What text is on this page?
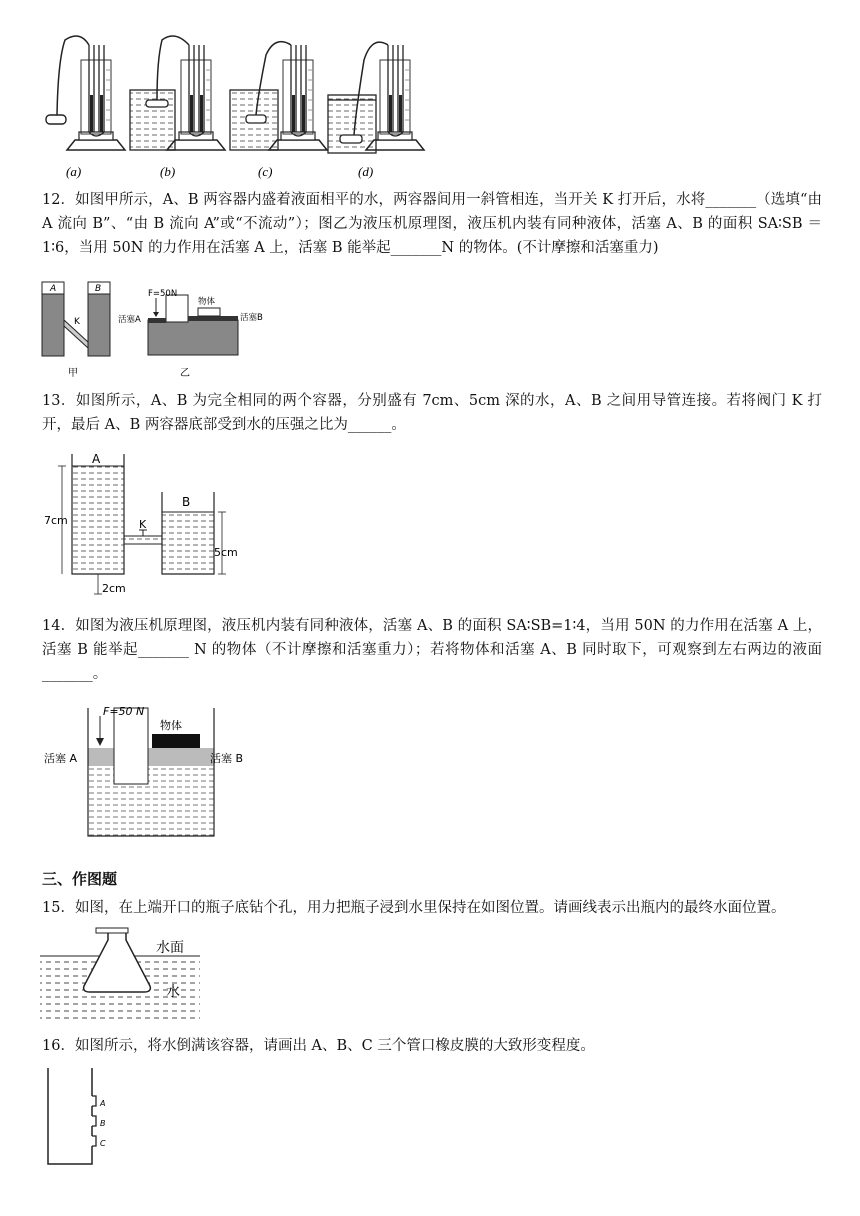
(a)	(b)	(c)	(d)
12．如图甲所示，A、B 两容器内盛着液面相平的水，两容器间用一斜管相连，当开关 K 打开后，水将_______（选填“由 A 流向 B”、“由 B 流向 A”或“不流动”）；图乙为液压机原理图，液压机内装有同种液体，活塞 A、B 的面积 SA∶SB ＝1∶6，当用 50N 的力作用在活塞 A 上，活塞 B 能举起_______N 的物体。(不计摩擦和活塞重力)
A	B
K
甲
F=50N
物体
活塞A	活塞B
乙
13．如图所示，A、B 为完全相同的两个容器，分别盛有 7cm、5cm 深的水，A、B 之间用导管连接。若将阀门 K 打开，最后 A、B 两容器底部受到水的压强之比为______。
A
B
K
7cm
5cm
2cm
14．如图为液压机原理图，液压机内装有同种液体，活塞 A、B 的面积 SA∶SB=1∶4，当用 50N 的力作用在活塞 A 上，活塞 B 能举起_______ N 的物体（不计摩擦和活塞重力）；若将物体和活塞 A、B 同时取下，可观察到左右两边的液面_______。
F=50 N
物体
活塞 A	活塞 B
三、作图题
15．如图，在上端开口的瓶子底钻个孔，用力把瓶子浸到水里保持在如图位置。请画线表示出瓶内的最终水面位置。
水面
水
16．如图所示，将水倒满该容器，请画出 A、B、C 三个管口橡皮膜的大致形变程度。
A
B
C
